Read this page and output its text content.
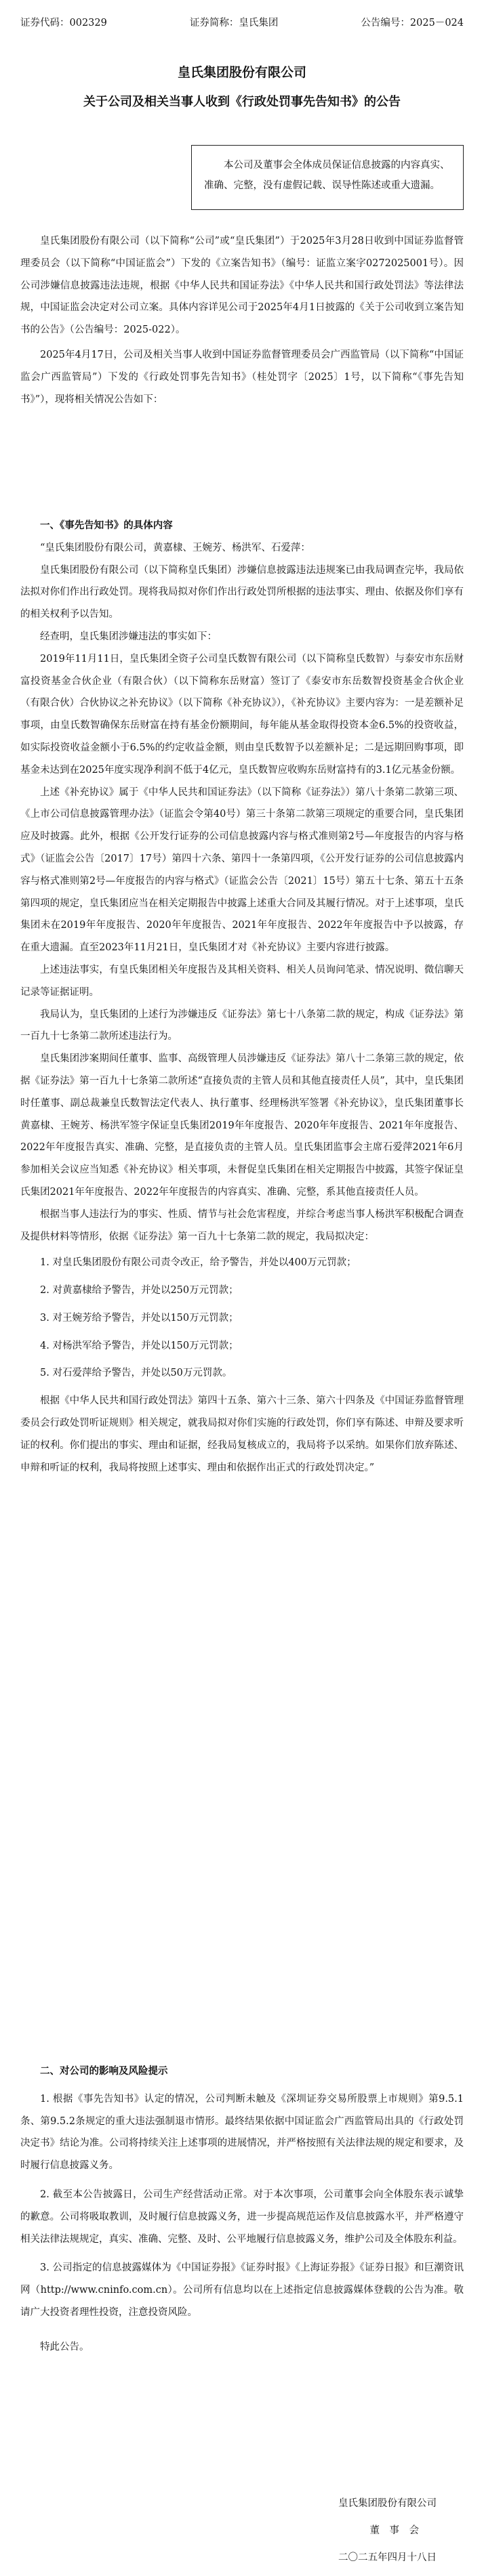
证券代码：002329	证券简称：皇氏集团	公告编号：2025－024
皇氏集团股份有限公司
关于公司及相关当事人收到《行政处罚事先告知书》的公告
本公司及董事会全体成员保证信息披露的内容真实、准确、完整，没有虚假记载、误导性陈述或重大遗漏。

皇氏集团股份有限公司（以下简称“公司”或“皇氏集团”）于2025年3月28日收到中国证券监督管理委员会（以下简称“中国证监会”）下发的《立案告知书》（编号：证监立案字0272025001号）。因公司涉嫌信息披露违法违规，根据《中华人民共和国证券法》《中华人民共和国行政处罚法》等法律法规，中国证监会决定对公司立案。具体内容详见公司于2025年4月1日披露的《关于公司收到立案告知书的公告》（公告编号：2025-022）。

2025年4月17日，公司及相关当事人收到中国证券监督管理委员会广西监管局（以下简称“中国证监会广西监管局”）下发的《行政处罚事先告知书》（桂处罚字〔2025〕1号，以下简称“《事先告知书》”），现将相关情况公告如下：

一、《事先告知书》的具体内容

“皇氏集团股份有限公司，黄嘉棣、王婉芳、杨洪军、石爱萍：

皇氏集团股份有限公司（以下简称皇氏集团）涉嫌信息披露违法违规案已由我局调查完毕，我局依法拟对你们作出行政处罚。现将我局拟对你们作出行政处罚所根据的违法事实、理由、依据及你们享有的相关权利予以告知。

经查明，皇氏集团涉嫌违法的事实如下：

2019年11月11日，皇氏集团全资子公司皇氏数智有限公司（以下简称皇氏数智）与泰安市东岳财富投资基金合伙企业（有限合伙）（以下简称东岳财富）签订了《泰安市东岳数智投资基金合伙企业（有限合伙）合伙协议之补充协议》（以下简称《补充协议》），《补充协议》主要内容为：一是差额补足事项，由皇氏数智确保东岳财富在持有基金份额期间，每年能从基金取得投资本金6.5%的投资收益，如实际投资收益金额小于6.5%的约定收益金额，则由皇氏数智予以差额补足；二是远期回购事项，即基金未达到在2025年度实现净利润不低于4亿元，皇氏数智应收购东岳财富持有的3.1亿元基金份额。

上述《补充协议》属于《中华人民共和国证券法》（以下简称《证券法》）第八十条第二款第三项、《上市公司信息披露管理办法》（证监会令第40号）第三十条第二款第三项规定的重要合同，皇氏集团应及时披露。此外，根据《公开发行证券的公司信息披露内容与格式准则第2号—年度报告的内容与格式》（证监会公告〔2017〕17号）第四十六条、第四十一条第四项，《公开发行证券的公司信息披露内容与格式准则第2号—年度报告的内容与格式》（证监会公告〔2021〕15号）第五十七条、第五十五条第四项的规定，皇氏集团应当在相关定期报告中披露上述重大合同及其履行情况。对于上述事项，皇氏集团未在2019年年度报告、2020年年度报告、2021年年度报告、2022年年度报告中予以披露，存在重大遗漏。直至2023年11月21日，皇氏集团才对《补充协议》主要内容进行披露。

上述违法事实，有皇氏集团相关年度报告及其相关资料、相关人员询问笔录、情况说明、微信聊天记录等证据证明。

我局认为，皇氏集团的上述行为涉嫌违反《证券法》第七十八条第二款的规定，构成《证券法》第一百九十七条第二款所述违法行为。

皇氏集团涉案期间任董事、监事、高级管理人员涉嫌违反《证券法》第八十二条第三款的规定，依据《证券法》第一百九十七条第二款所述“直接负责的主管人员和其他直接责任人员”，其中，皇氏集团时任董事、副总裁兼皇氏数智法定代表人、执行董事、经理杨洪军签署《补充协议》，皇氏集团董事长黄嘉棣、王婉芳、杨洪军签字保证皇氏集团2019年年度报告、2020年年度报告、2021年年度报告、2022年年度报告真实、准确、完整，是直接负责的主管人员。皇氏集团监事会主席石爱萍2021年6月参加相关会议应当知悉《补充协议》相关事项，未督促皇氏集团在相关定期报告中披露，其签字保证皇氏集团2021年年度报告、2022年年度报告的内容真实、准确、完整，系其他直接责任人员。

根据当事人违法行为的事实、性质、情节与社会危害程度，并综合考虑当事人杨洪军积极配合调查及提供材料等情形，依据《证券法》第一百九十七条第二款的规定，我局拟决定：

1. 对皇氏集团股份有限公司责令改正，给予警告，并处以400万元罚款；

2. 对黄嘉棣给予警告，并处以250万元罚款；

3. 对王婉芳给予警告，并处以150万元罚款；

4. 对杨洪军给予警告，并处以150万元罚款；

5. 对石爱萍给予警告，并处以50万元罚款。

根据《中华人民共和国行政处罚法》第四十五条、第六十三条、第六十四条及《中国证券监督管理委员会行政处罚听证规则》相关规定，就我局拟对你们实施的行政处罚，你们享有陈述、申辩及要求听证的权利。你们提出的事实、理由和证据，经我局复核成立的，我局将予以采纳。如果你们放弃陈述、申辩和听证的权利，我局将按照上述事实、理由和依据作出正式的行政处罚决定。”

二、对公司的影响及风险提示

1. 根据《事先告知书》认定的情况，公司判断未触及《深圳证券交易所股票上市规则》第9.5.1条、第9.5.2条规定的重大违法强制退市情形。最终结果依据中国证监会广西监管局出具的《行政处罚决定书》结论为准。公司将持续关注上述事项的进展情况，并严格按照有关法律法规的规定和要求，及时履行信息披露义务。

2. 截至本公告披露日，公司生产经营活动正常。对于本次事项，公司董事会向全体股东表示诚挚的歉意。公司将吸取教训，及时履行信息披露义务，进一步提高规范运作及信息披露水平，并严格遵守相关法律法规规定，真实、准确、完整、及时、公平地履行信息披露义务，维护公司及全体股东利益。

3. 公司指定的信息披露媒体为《中国证券报》《证券时报》《上海证券报》《证券日报》和巨潮资讯网（http://www.cninfo.com.cn）。公司所有信息均以在上述指定信息披露媒体登载的公告为准。敬请广大投资者理性投资，注意投资风险。

特此公告。

皇氏集团股份有限公司
董　事　会
二〇二五年四月十八日
